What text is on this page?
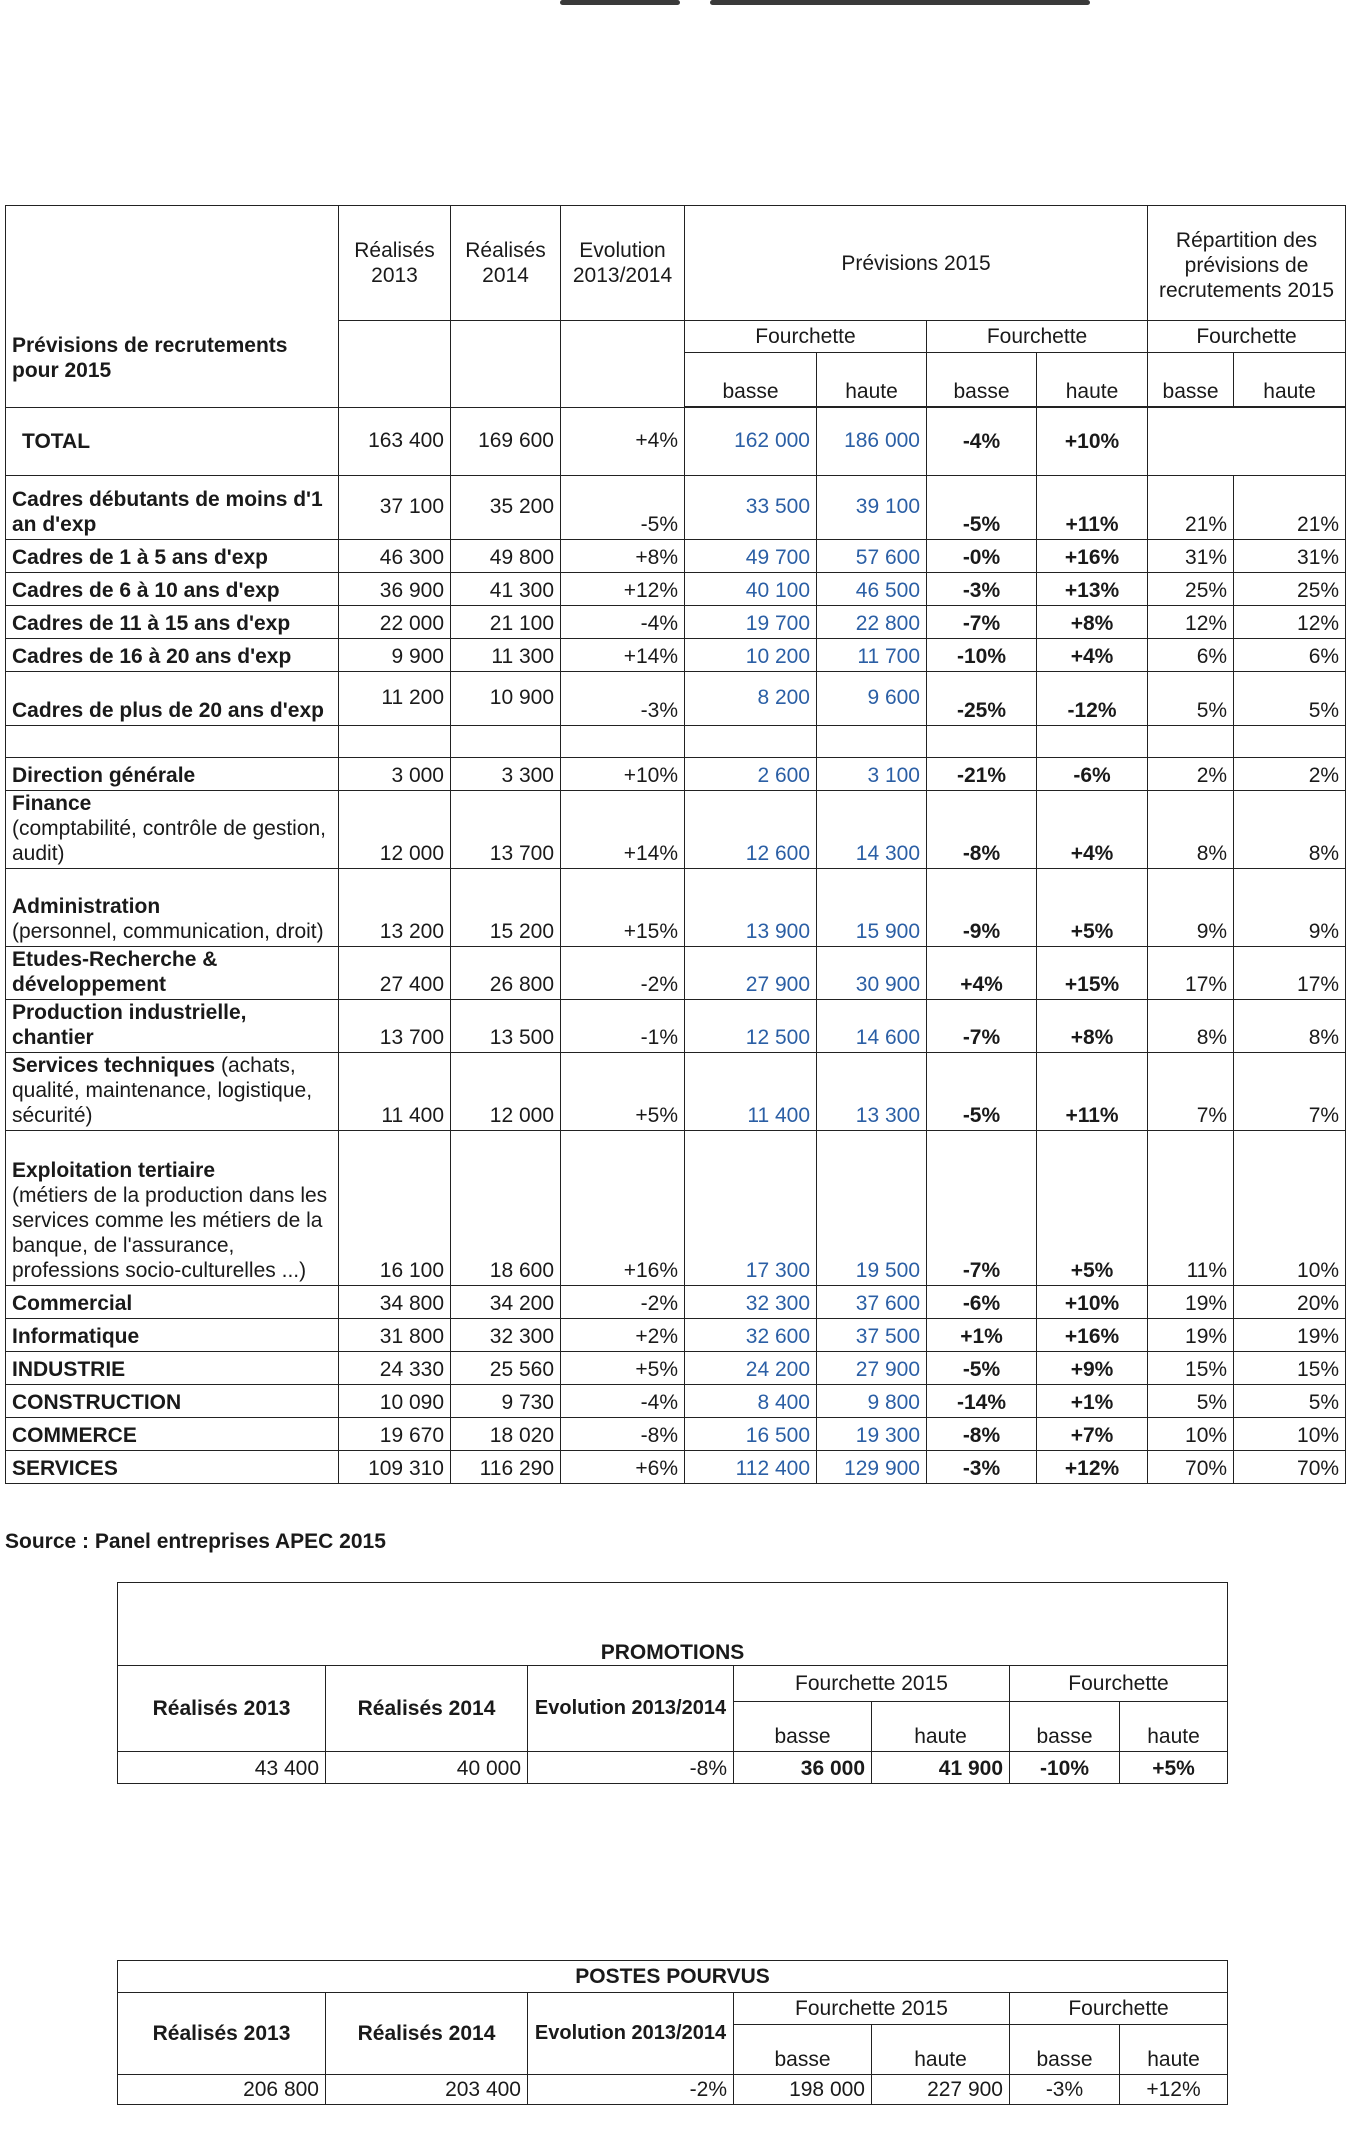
Prévisions de recrutements pour 2015	Réalisés 2013	Réalisés 2014	Evolution 2013/2014	Prévisions 2015				Répartition des prévisions de recrutements 2015	
				Fourchette		Fourchette		Fourchette	
				basse	haute	basse	haute	basse	haute

TOTAL	163 400	169 600	+4%	162 000	186 000	-4%	+10%		
Cadres débutants de moins d'1 an d'exp	37 100	35 200	-5%	33 500	39 100	-5%	+11%	21%	21%
Cadres de 1 à 5 ans d'exp	46 300	49 800	+8%	49 700	57 600	-0%	+16%	31%	31%
Cadres de 6 à 10 ans d'exp	36 900	41 300	+12%	40 100	46 500	-3%	+13%	25%	25%
Cadres de 11 à 15 ans d'exp	22 000	21 100	-4%	19 700	22 800	-7%	+8%	12%	12%
Cadres de 16 à 20 ans d'exp	9 900	11 300	+14%	10 200	11 700	-10%	+4%	6%	6%
Cadres de plus de 20 ans d'exp	11 200	10 900	-3%	8 200	9 600	-25%	-12%	5%	5%

Direction générale	3 000	3 300	+10%	2 600	3 100	-21%	-6%	2%	2%
Finance
(comptabilité, contrôle de gestion, audit)	12 000	13 700	+14%	12 600	14 300	-8%	+4%	8%	8%
Administration
(personnel, communication, droit)	13 200	15 200	+15%	13 900	15 900	-9%	+5%	9%	9%
Etudes-Recherche & développement	27 400	26 800	-2%	27 900	30 900	+4%	+15%	17%	17%
Production industrielle, chantier	13 700	13 500	-1%	12 500	14 600	-7%	+8%	8%	8%
Services techniques (achats, qualité, maintenance, logistique, sécurité)	11 400	12 000	+5%	11 400	13 300	-5%	+11%	7%	7%
Exploitation tertiaire
(métiers de la production dans les services comme les métiers de la banque, de l'assurance, professions socio-culturelles ...)	16 100	18 600	+16%	17 300	19 500	-7%	+5%	11%	10%
Commercial	34 800	34 200	-2%	32 300	37 600	-6%	+10%	19%	20%
Informatique	31 800	32 300	+2%	32 600	37 500	+1%	+16%	19%	19%
INDUSTRIE	24 330	25 560	+5%	24 200	27 900	-5%	+9%	15%	15%
CONSTRUCTION	10 090	9 730	-4%	8 400	9 800	-14%	+1%	5%	5%
COMMERCE	19 670	18 020	-8%	16 500	19 300	-8%	+7%	10%	10%
SERVICES	109 310	116 290	+6%	112 400	129 900	-3%	+12%	70%	70%
Source : Panel entreprises APEC 2015
PROMOTIONS						
Réalisés 2013	Réalisés 2014	Evolution 2013/2014	Fourchette 2015		Fourchette	
			basse	haute	basse	haute
43 400	40 000	-8%	36 000	41 900	-10%	+5%
POSTES POURVUS						
Réalisés 2013	Réalisés 2014	Evolution 2013/2014	Fourchette 2015		Fourchette	
			basse	haute	basse	haute
206 800	203 400	-2%	198 000	227 900	-3%	+12%
